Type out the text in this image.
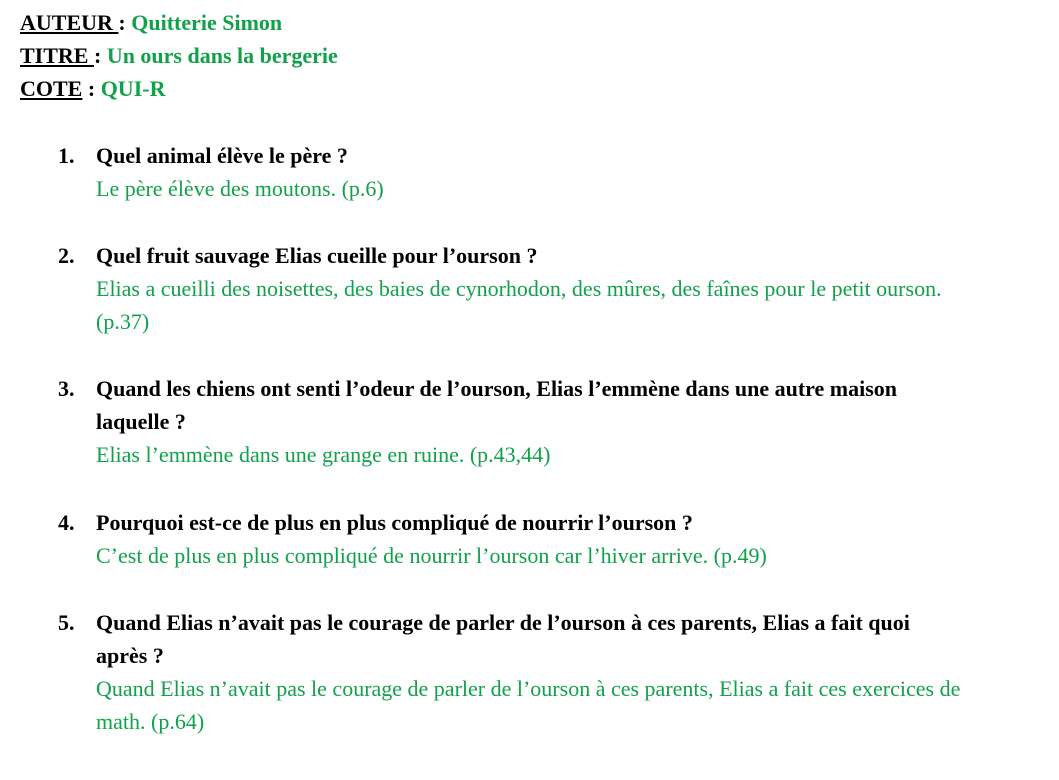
AUTEUR : Quitterie Simon
TITRE : Un ours dans la bergerie
COTE : QUI-R
1. Quel animal élève le père ?
Le père élève des moutons. (p.6)
2. Quel fruit sauvage Elias cueille pour l’ourson ?
Elias a cueilli des noisettes, des baies de cynorhodon, des mûres, des faînes pour le petit ourson. (p.37)
3. Quand les chiens ont senti l’odeur de l’ourson, Elias l’emmène dans une autre maison laquelle ?
Elias l’emmène dans une grange en ruine. (p.43,44)
4. Pourquoi est-ce de plus en plus compliqué de nourrir l’ourson ?
C’est de plus en plus compliqué de nourrir l’ourson car l’hiver arrive. (p.49)
5. Quand Elias n’avait pas le courage de parler de l’ourson à ces parents, Elias a fait quoi après ?
Quand Elias n’avait pas le courage de parler de l’ourson à ces parents, Elias a fait ces exercices de math. (p.64)
